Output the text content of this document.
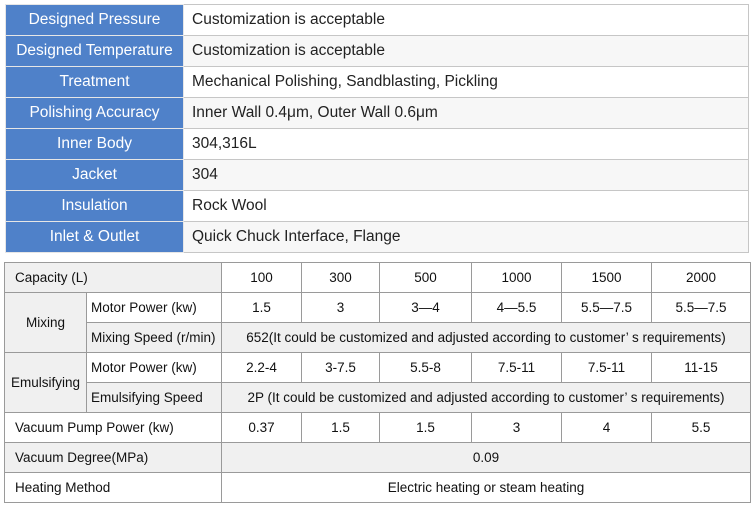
Designed Pressure	Customization is acceptable
Designed Temperature	Customization is acceptable
Treatment	Mechanical Polishing, Sandblasting, Pickling
Polishing Accuracy	Inner Wall 0.4μm, Outer Wall 0.6μm
Inner Body	304,316L
Jacket	304
Insulation	Rock Wool
Inlet & Outlet	Quick Chuck Interface, Flange
Capacity (L)		100	300	500	1000	1500	2000
Mixing	Motor Power (kw)	1.5	3	3—4	4—5.5	5.5—7.5	5.5—7.5
	Mixing Speed (r/min)	652(It could be customized and adjusted according to customer’ s requirements)					
Emulsifying	Motor Power (kw)	2.2-4	3-7.5	5.5-8	7.5-11	7.5-11	11-15
	Emulsifying Speed	2P (It could be customized and adjusted according to customer’ s requirements)					
Vacuum Pump Power (kw)		0.37	1.5	1.5	3	4	5.5
Vacuum Degree(MPa)		0.09					
Heating Method		Electric heating or steam heating					
